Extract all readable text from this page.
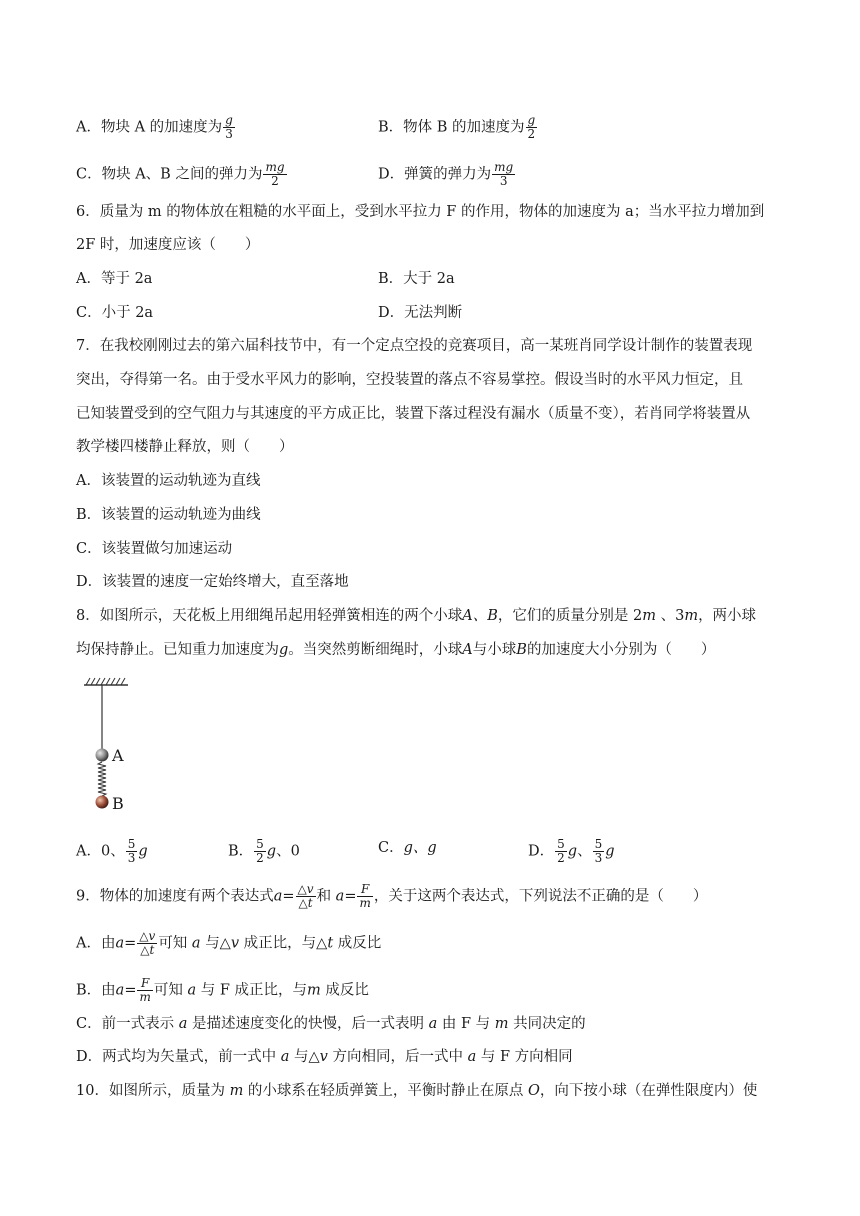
A．物块 A 的加速度为 $\frac{g}{3}$	B．物体 B 的加速度为 $\frac{g}{2}$
C．物块 A、B 之间的弹力为 $\frac{mg}{2}$	D．弹簧的弹力为 $\frac{mg}{3}$
6．质量为 m 的物体放在粗糙的水平面上，受到水平拉力 F 的作用，物体的加速度为 a；当水平拉力增加到
2F 时，加速度应该（　　）
A．等于 2a	B．大于 2a
C．小于 2a	D．无法判断
7．在我校刚刚过去的第六届科技节中，有一个定点空投的竞赛项目，高一某班肖同学设计制作的装置表现
突出，夺得第一名。由于受水平风力的影响，空投装置的落点不容易掌控。假设当时的水平风力恒定，且
已知装置受到的空气阻力与其速度的平方成正比，装置下落过程没有漏水（质量不变），若肖同学将装置从
教学楼四楼静止释放，则（　　）
A．该装置的运动轨迹为直线
B．该装置的运动轨迹为曲线
C．该装置做匀加速运动
D．该装置的速度一定始终增大，直至落地
8．如图所示，天花板上用细绳吊起用轻弹簧相连的两个小球A、B，它们的质量分别是 2m 、3m，两小球
均保持静止。已知重力加速度为g。当突然剪断细绳时，小球A与小球B的加速度大小分别为（　　）
A
B
A．0、 $\frac{5}{3}$ g	B． $\frac{5}{2}$ g、0	C．g、g	D． $\frac{5}{2}$ g、 $\frac{5}{3}$ g
9．物体的加速度有两个表达式$a= \frac{\triangle v}{\triangle t}$ 和 $a= \frac{F}{m}$ ，关于这两个表达式，下列说法不正确的是（　　）
A．由$a= \frac{\triangle v}{\triangle t}$ 可知 a 与△v 成正比，与△t 成反比
B．由$a= \frac{F}{m}$ 可知 a 与 F 成正比，与m 成反比
C．前一式表示 a 是描述速度变化的快慢，后一式表明 a 由 F 与 m 共同决定的
D．两式均为矢量式，前一式中 a 与△v 方向相同，后一式中 a 与 F 方向相同
10．如图所示，质量为 m 的小球系在轻质弹簧上，平衡时静止在原点 O，向下按小球（在弹性限度内）使
